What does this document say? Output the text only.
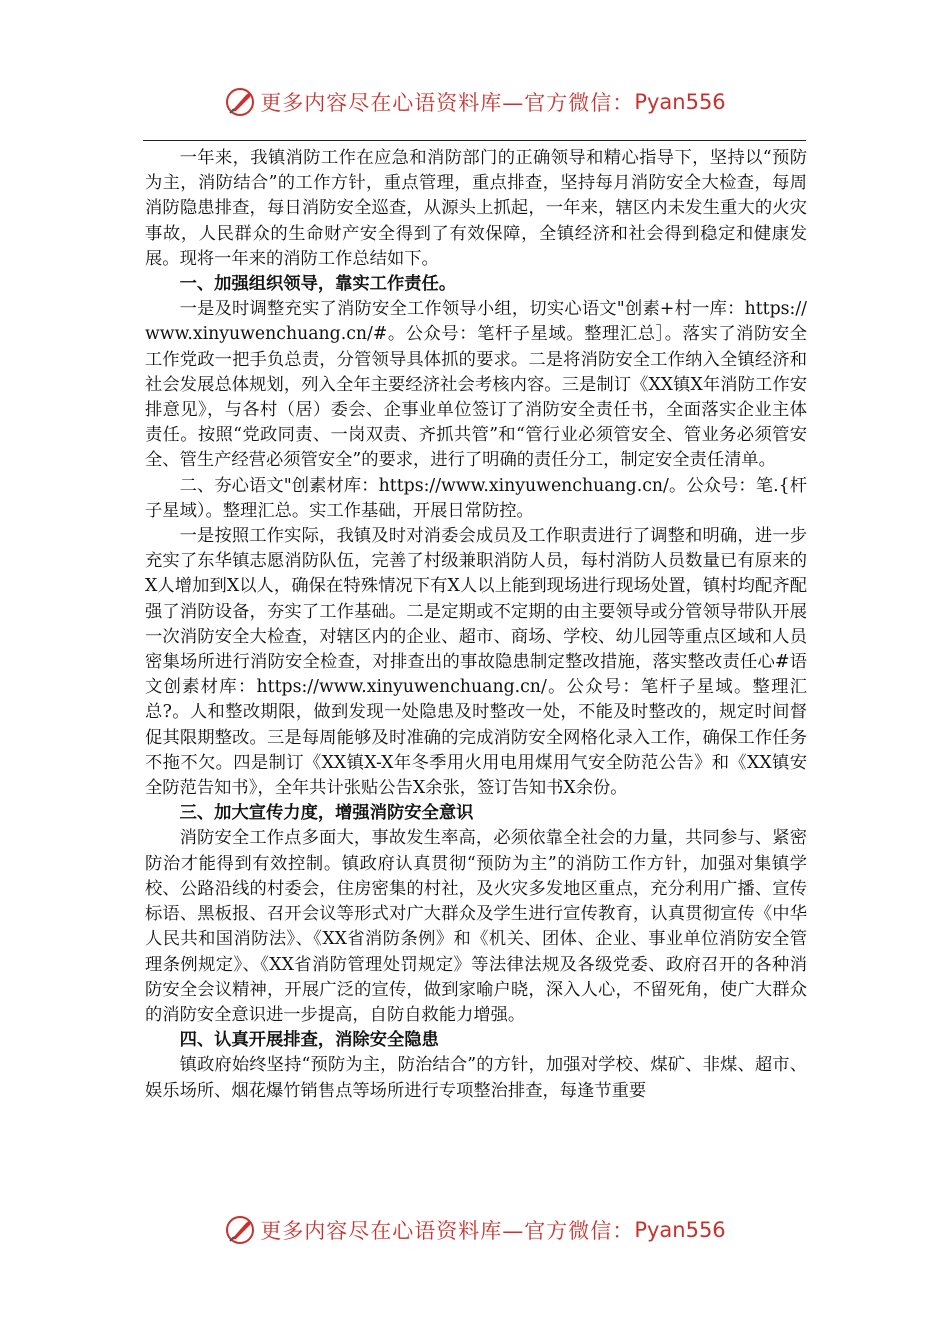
更多内容尽在心语资料库—官方微信： Pyan556

一年来，我镇消防工作在应急和消防部门的正确领导和精心指导下，坚持以“预防为主，消防结合”的工作方针，重点管理，重点排查，坚持每月消防安全大检查，每周消防隐患排查，每日消防安全巡查，从源头上抓起，一年来，辖区内未发生重大的火灾事故，人民群众的生命财产安全得到了有效保障，全镇经济和社会得到稳定和健康发展。现将一年来的消防工作总结如下。

一、加强组织领导，靠实工作责任。

一是及时调整充实了消防安全工作领导小组，切实心语文"创素+村一库：https://www.xinyuwenchuang.cn/#。公众号：笔杆子星域。整理汇总］。落实了消防安全工作党政一把手负总责，分管领导具体抓的要求。二是将消防安全工作纳入全镇经济和社会发展总体规划，列入全年主要经济社会考核内容。三是制订《XX镇X年消防工作安排意见》，与各村（居）委会、企事业单位签订了消防安全责任书，全面落实企业主体责任。按照“党政同责、一岗双责、齐抓共管”和“管行业必须管安全、管业务必须管安全、管生产经营必须管安全”的要求，进行了明确的责任分工，制定安全责任清单。

二、夯心语文"创素材库：https://www.xinyuwenchuang.cn/。公众号：笔.{杆子星域）。整理汇总。实工作基础，开展日常防控。

一是按照工作实际，我镇及时对消委会成员及工作职责进行了调整和明确，进一步充实了东华镇志愿消防队伍，完善了村级兼职消防人员，每村消防人员数量已有原来的X人增加到X以人，确保在特殊情况下有X人以上能到现场进行现场处置，镇村均配齐配强了消防设备，夯实了工作基础。二是定期或不定期的由主要领导或分管领导带队开展一次消防安全大检查，对辖区内的企业、超市、商场、学校、幼儿园等重点区域和人员密集场所进行消防安全检查，对排查出的事故隐患制定整改措施，落实整改责任心#语文创素材库：https://www.xinyuwenchuang.cn/。公众号：笔杆子星域。整理汇总?。人和整改期限，做到发现一处隐患及时整改一处，不能及时整改的，规定时间督促其限期整改。三是每周能够及时准确的完成消防安全网格化录入工作，确保工作任务不拖不欠。四是制订《XX镇X-X年冬季用火用电用煤用气安全防范公告》和《XX镇安全防范告知书》，全年共计张贴公告X余张，签订告知书X余份。

三、加大宣传力度，增强消防安全意识

消防安全工作点多面大，事故发生率高，必须依靠全社会的力量，共同参与、紧密防治才能得到有效控制。镇政府认真贯彻“预防为主”的消防工作方针，加强对集镇学校、公路沿线的村委会，住房密集的村社，及火灾多发地区重点，充分利用广播、宣传标语、黑板报、召开会议等形式对广大群众及学生进行宣传教育，认真贯彻宣传《中华人民共和国消防法》、《XX省消防条例》和《机关、团体、企业、事业单位消防安全管理条例规定》、《XX省消防管理处罚规定》等法律法规及各级党委、政府召开的各种消防安全会议精神，开展广泛的宣传，做到家喻户晓，深入人心，不留死角，使广大群众的消防安全意识进一步提高，自防自救能力增强。

四、认真开展排查，消除安全隐患

镇政府始终坚持“预防为主，防治结合”的方针，加强对学校、煤矿、非煤、超市、娱乐场所、烟花爆竹销售点等场所进行专项整治排查，每逢节重要

更多内容尽在心语资料库—官方微信： Pyan556
